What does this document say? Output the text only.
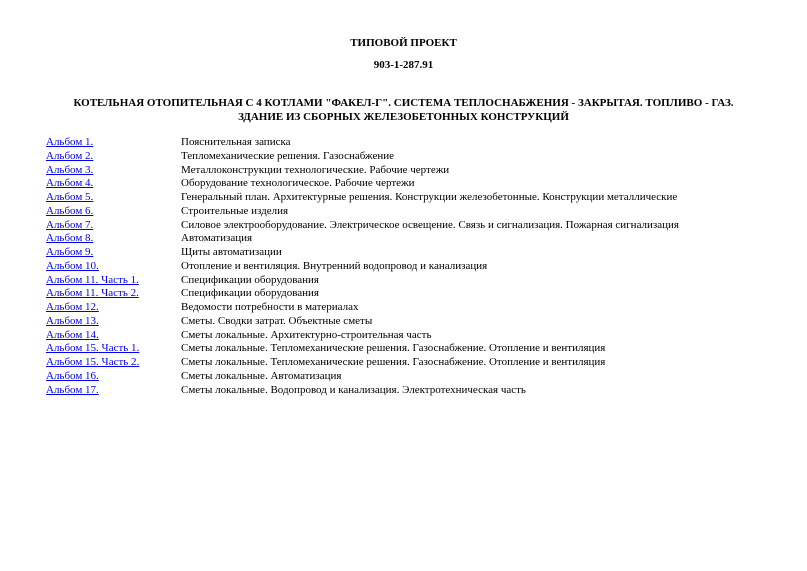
ТИПОВОЙ ПРОЕКТ
903-1-287.91
КОТЕЛЬНАЯ ОТОПИТЕЛЬНАЯ С 4 КОТЛАМИ "ФАКЕЛ-Г". СИСТЕМА ТЕПЛОСНАБЖЕНИЯ - ЗАКРЫТАЯ. ТОПЛИВО - ГАЗ.
ЗДАНИЕ ИЗ СБОРНЫХ ЖЕЛЕЗОБЕТОННЫХ КОНСТРУКЦИЙ
Альбом 1.	Пояснительная записка
Альбом 2.	Тепломеханические решения. Газоснабжение
Альбом 3.	Металлоконструкции технологические. Рабочие чертежи
Альбом 4.	Оборудование технологическое. Рабочие чертежи
Альбом 5.	Генеральный план. Архитектурные решения. Конструкции железобетонные. Конструкции металлические
Альбом 6.	Строительные изделия
Альбом 7.	Силовое электрооборудование. Электрическое освещение. Связь и сигнализация. Пожарная сигнализация
Альбом 8.	Автоматизация
Альбом 9.	Щиты автоматизации
Альбом 10.	Отопление и вентиляция. Внутренний водопровод и канализация
Альбом 11. Часть 1.	Спецификации оборудования
Альбом 11. Часть 2.	Спецификации оборудования
Альбом 12.	Ведомости потребности в материалах
Альбом 13.	Сметы. Сводки затрат. Объектные сметы
Альбом 14.	Сметы локальные. Архитектурно-строительная часть
Альбом 15. Часть 1.	Сметы локальные. Тепломеханические решения. Газоснабжение. Отопление и вентиляция
Альбом 15. Часть 2.	Сметы локальные. Тепломеханические решения. Газоснабжение. Отопление и вентиляция
Альбом 16.	Сметы локальные. Автоматизация
Альбом 17.	Сметы локальные. Водопровод и канализация. Электротехническая часть
